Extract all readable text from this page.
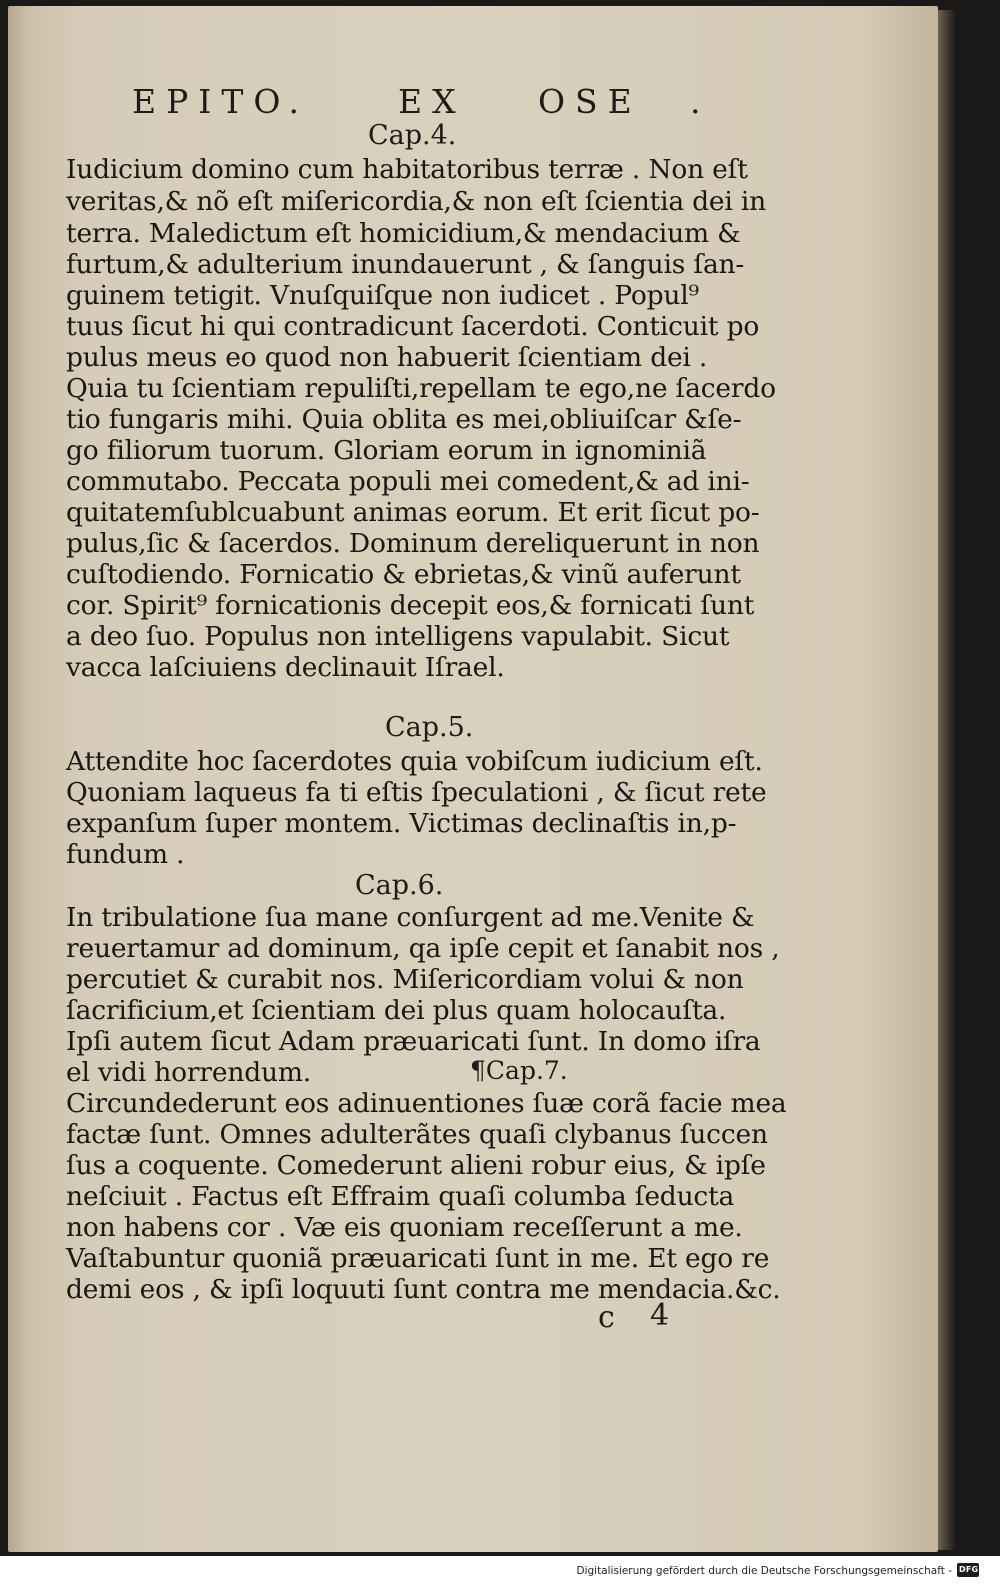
EPITO.	EX OSE .
Cap.4.
Iudicium domino cum habitatoribus terræ . Non eſt
veritas,& nõ eſt miſericordia,& non eſt ſcientia dei in
terra. Maledictum eſt homicidium,& mendacium &
furtum,& adulterium inundauerunt , & ſanguis ſan-
guinem tetigit. Vnuſquiſque non iudicet . Popul⁹
tuus ſicut hi qui contradicunt ſacerdoti. Conticuit po
pulus meus eo quod non habuerit ſcientiam dei .
Quia tu ſcientiam repuliſti,repellam te ego,ne ſacerdo
tio fungaris mihi. Quia oblita es mei,obliuiſcar &ſe-
go filiorum tuorum. Gloriam eorum in ignominiã
commutabo. Peccata populi mei comedent,& ad ini-
quitatemſublcuabunt animas eorum. Et erit ſicut po-
pulus,ſic & ſacerdos. Dominum dereliquerunt in non
cuſtodiendo. Fornicatio & ebrietas,& vinũ auferunt
cor. Spirit⁹ fornicationis decepit eos,& fornicati ſunt
a deo ſuo. Populus non intelligens vapulabit. Sicut
vacca laſciuiens declinauit Iſrael.
Cap.5.
Attendite hoc ſacerdotes quia vobiſcum iudicium eſt.
Quoniam laqueus fa ti eſtis ſpeculationi , & ſicut rete
expanſum ſuper montem. Victimas declinaſtis in,p-
fundum .
Cap.6.
In tribulatione ſua mane conſurgent ad me.Venite &
reuertamur ad dominum, qa ipſe cepit et ſanabit nos ,
percutiet & curabit nos. Miſericordiam volui & non
ſacrificium,et ſcientiam dei plus quam holocauſta.
Ipſi autem ſicut Adam præuaricati ſunt. In domo iſra
el vidi horrendum.	¶Cap.7.
Circundederunt eos adinuentiones ſuæ corã facie mea
factæ ſunt. Omnes adulterãtes quaſi clybanus ſuccen
ſus a coquente. Comederunt alieni robur eius, & ipſe
neſciuit . Factus eſt Effraim quaſi columba ſeducta
non habens cor . Væ eis quoniam receſſerunt a me.
Vaſtabuntur quoniã præuaricati ſunt in me. Et ego re
demi eos , & ipſi loquuti ſunt contra me mendacia.&c.
c 4
Digitalisierung gefördert durch die Deutsche Forschungsgemeinschaft - DFG
